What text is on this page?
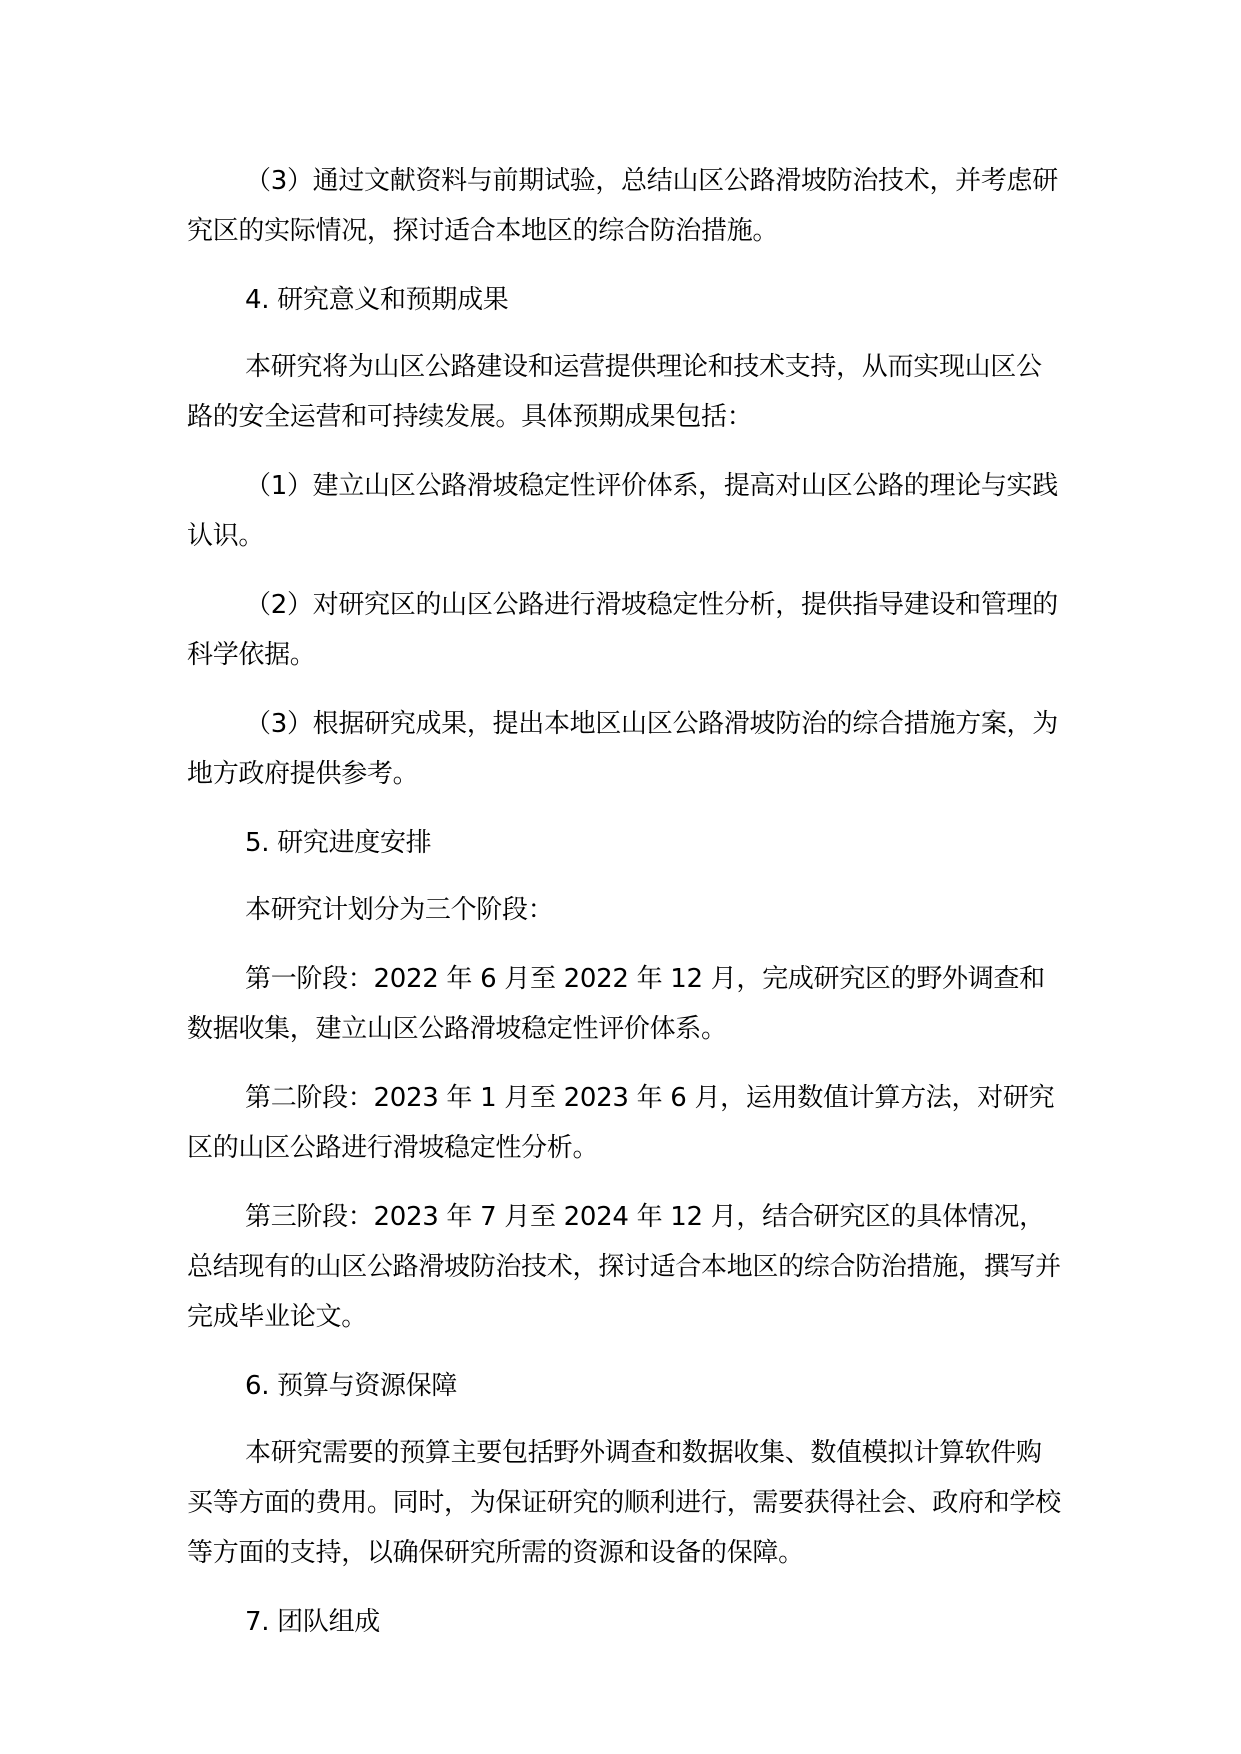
（3）通过文献资料与前期试验，总结山区公路滑坡防治技术，并考虑研究区的实际情况，探讨适合本地区的综合防治措施。

4. 研究意义和预期成果

本研究将为山区公路建设和运营提供理论和技术支持，从而实现山区公路的安全运营和可持续发展。具体预期成果包括：

（1）建立山区公路滑坡稳定性评价体系，提高对山区公路的理论与实践认识。

（2）对研究区的山区公路进行滑坡稳定性分析，提供指导建设和管理的科学依据。

（3）根据研究成果，提出本地区山区公路滑坡防治的综合措施方案，为地方政府提供参考。

5. 研究进度安排

本研究计划分为三个阶段：

第一阶段：2022 年 6 月至 2022 年 12 月，完成研究区的野外调查和数据收集，建立山区公路滑坡稳定性评价体系。

第二阶段：2023 年 1 月至 2023 年 6 月，运用数值计算方法，对研究区的山区公路进行滑坡稳定性分析。

第三阶段：2023 年 7 月至 2024 年 12 月，结合研究区的具体情况，总结现有的山区公路滑坡防治技术，探讨适合本地区的综合防治措施，撰写并完成毕业论文。

6. 预算与资源保障

本研究需要的预算主要包括野外调查和数据收集、数值模拟计算软件购买等方面的费用。同时，为保证研究的顺利进行，需要获得社会、政府和学校等方面的支持，以确保研究所需的资源和设备的保障。

7. 团队组成
